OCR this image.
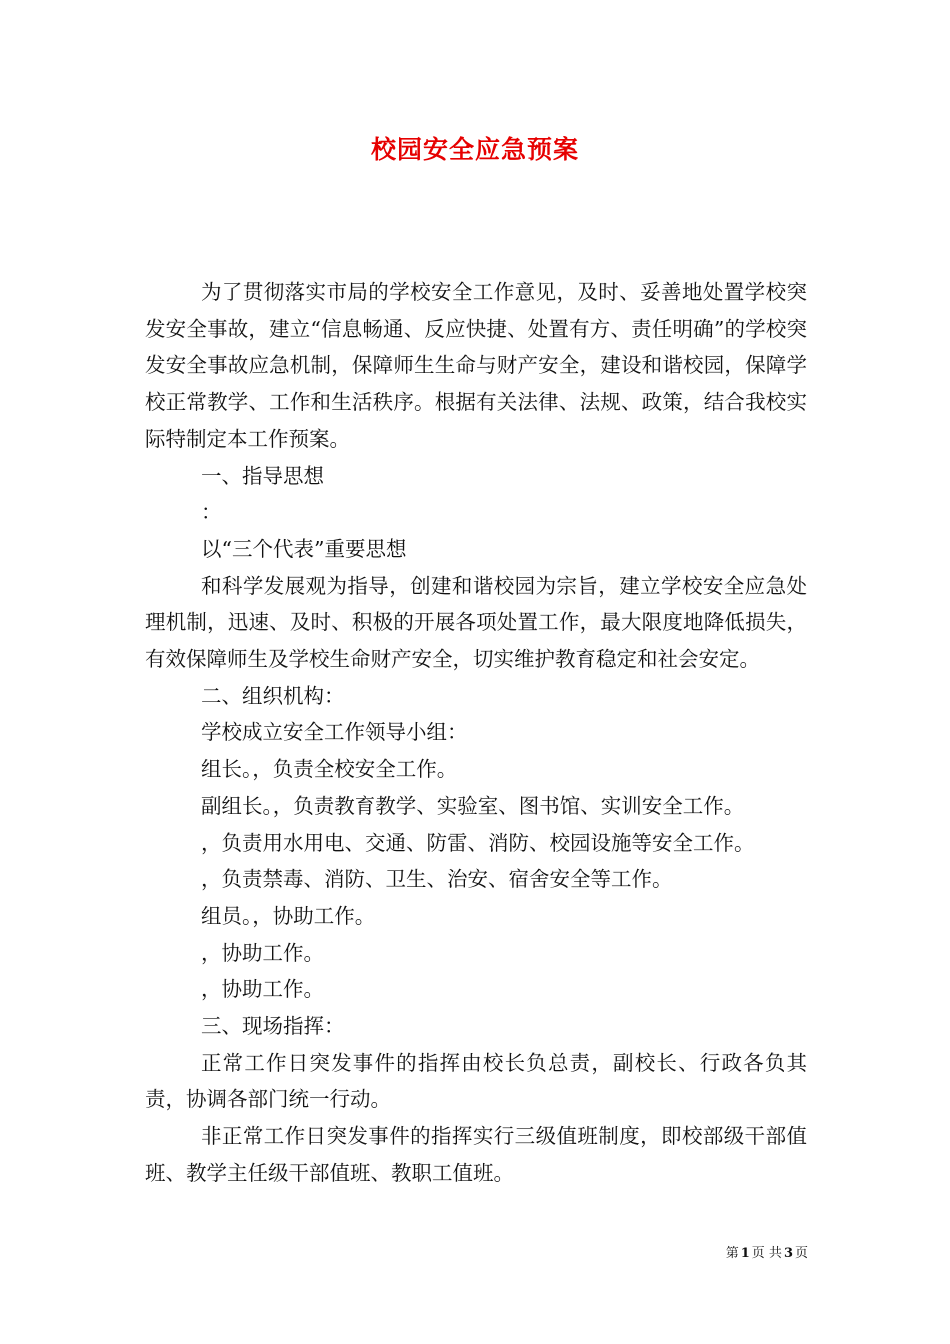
校园安全应急预案

为了贯彻落实市局的学校安全工作意见，及时、妥善地处置学校突发安全事故，建立“信息畅通、反应快捷、处置有方、责任明确”的学校突发安全事故应急机制，保障师生生命与财产安全，建设和谐校园，保障学校正常教学、工作和生活秩序。根据有关法律、法规、政策，结合我校实际特制定本工作预案。

一、指导思想

：

以“三个代表”重要思想

和科学发展观为指导，创建和谐校园为宗旨，建立学校安全应急处理机制，迅速、及时、积极的开展各项处置工作，最大限度地降低损失，有效保障师生及学校生命财产安全，切实维护教育稳定和社会安定。

二、组织机构：

学校成立安全工作领导小组：

组长。，负责全校安全工作。

副组长。，负责教育教学、实验室、图书馆、实训安全工作。

，负责用水用电、交通、防雷、消防、校园设施等安全工作。

，负责禁毒、消防、卫生、治安、宿舍安全等工作。

组员。，协助工作。

，协助工作。

，协助工作。

三、现场指挥：

正常工作日突发事件的指挥由校长负总责，副校长、行政各负其责，协调各部门统一行动。

非正常工作日突发事件的指挥实行三级值班制度，即校部级干部值班、教学主任级干部值班、教职工值班。

第 1 页 共 3 页
